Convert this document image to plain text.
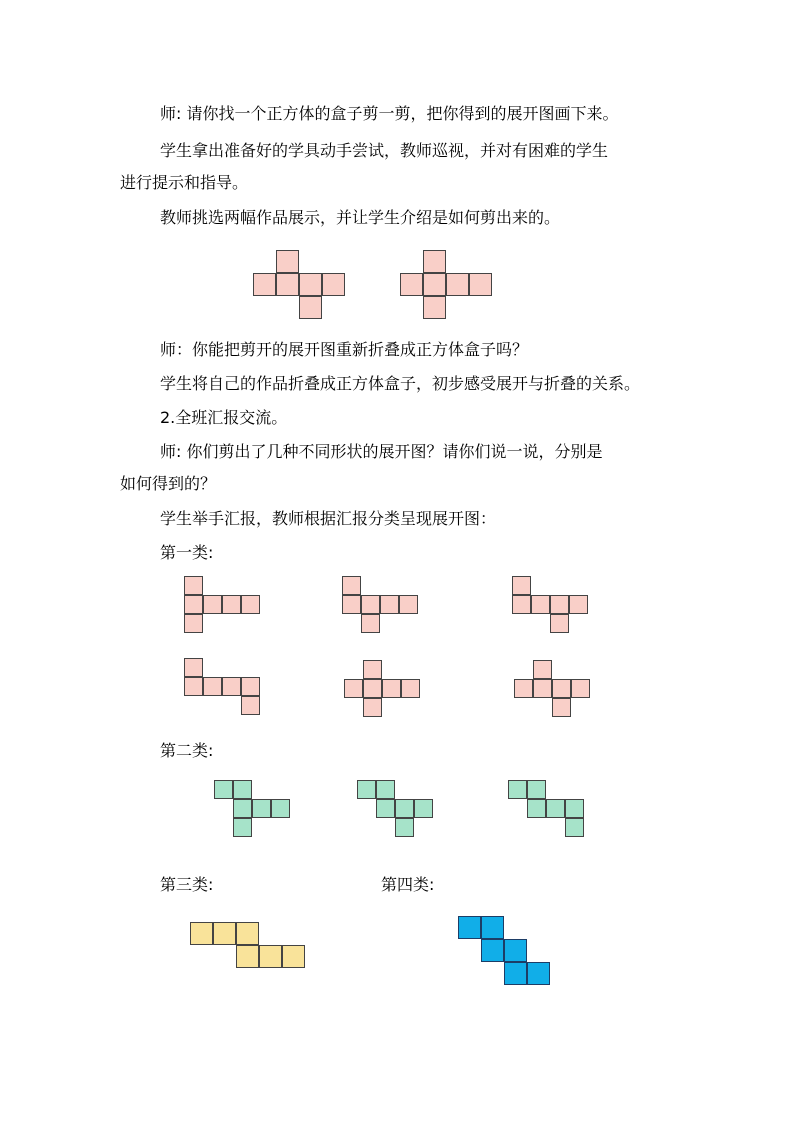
师: 请你找一个正方体的盒子剪一剪，把你得到的展开图画下来。
学生拿出准备好的学具动手尝试，教师巡视，并对有困难的学生
进行提示和指导。
教师挑选两幅作品展示，并让学生介绍是如何剪出来的。
师：你能把剪开的展开图重新折叠成正方体盒子吗？
学生将自己的作品折叠成正方体盒子，初步感受展开与折叠的关系。
2.全班汇报交流。
师: 你们剪出了几种不同形状的展开图？请你们说一说，分别是
如何得到的？
学生举手汇报，教师根据汇报分类呈现展开图：
第一类:
第二类:
第三类:	第四类:
